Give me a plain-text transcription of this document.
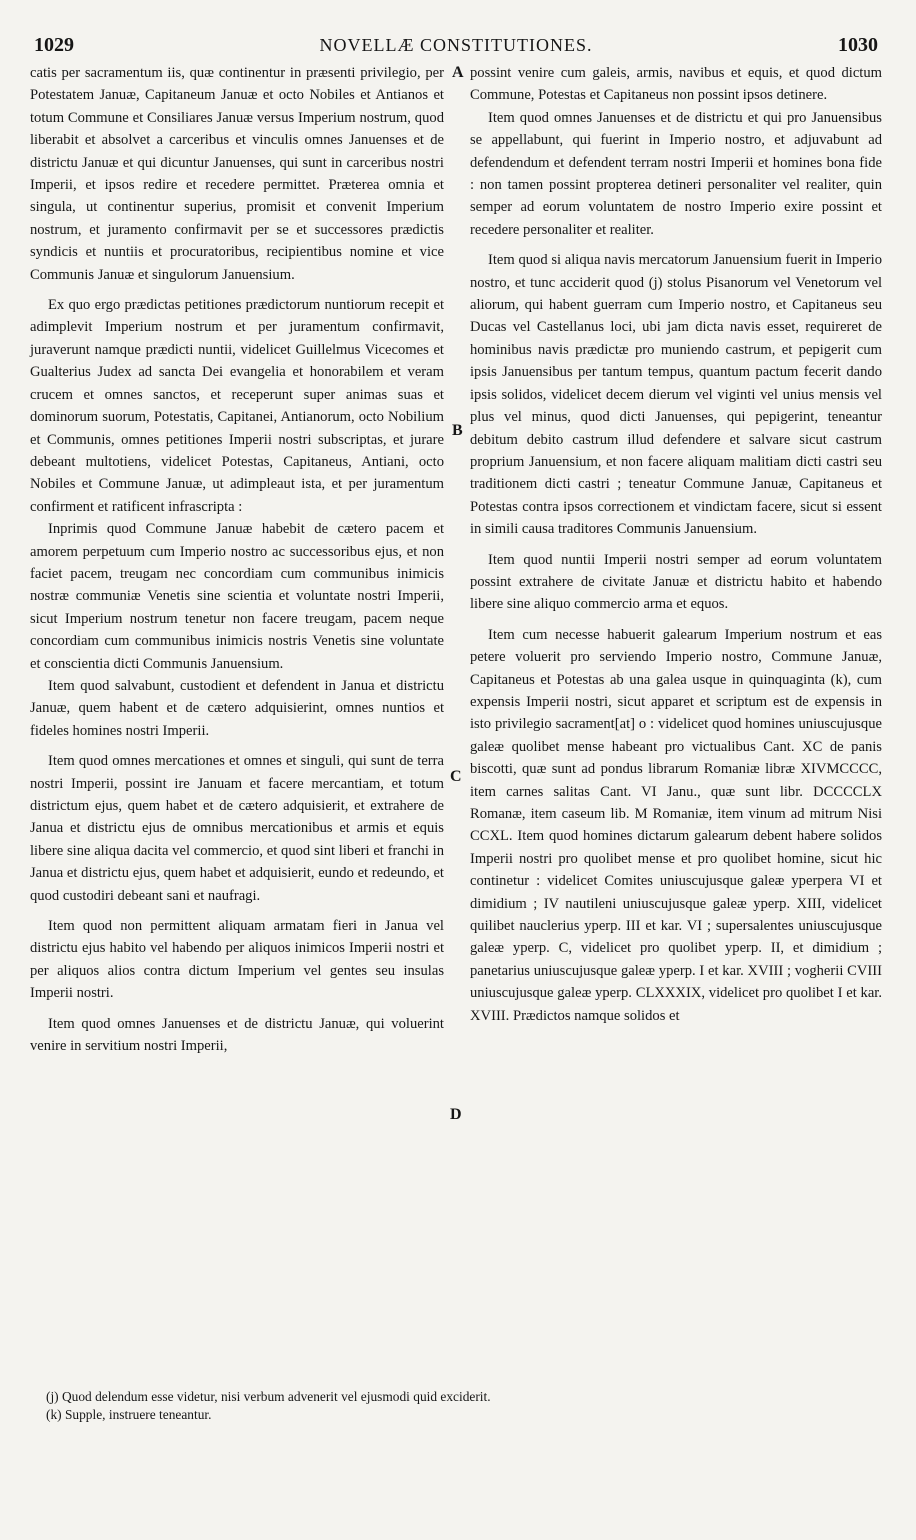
1029	NOVELLÆ CONSTITUTIONES.	1030

catis per sacramentum iis, quæ continentur in præsenti privilegio, per Potestatem Januæ, Capitaneum Januæ et octo Nobiles et Antianos et totum Commune et Consiliares Januæ versus Imperium nostrum, quod liberabit et absolvet a carceribus et vinculis omnes Januenses et de districtu Januæ et qui dicuntur Januenses, qui sunt in carceribus nostri Imperii, et ipsos redire et recedere permittet. Præterea omnia et singula, ut continentur superius, promisit et convenit Imperium nostrum, et juramento confirmavit per se et successores prædictis syndicis et nuntiis et procuratoribus, recipientibus nomine et vice Communis Januæ et singulorum Januensium.

Ex quo ergo prædictas petitiones prædictorum nuntiorum recepit et adimplevit Imperium nostrum et per juramentum confirmavit, juraverunt namque prædicti nuntii, videlicet Guillelmus Vicecomes et Gualterius Judex ad sancta Dei evangelia et honorabilem et veram crucem et omnes sanctos, et receperunt super animas suas et dominorum suorum, Potestatis, Capitanei, Antianorum, octo Nobilium et Communis, omnes petitiones Imperii nostri subscriptas, et jurare debeant multotiens, videlicet Potestas, Capitaneus, Antiani, octo Nobiles et Commune Januæ, ut adimpleaut ista, et per juramentum confirment et ratificent infrascripta :

Inprimis quod Commune Januæ habebit de cætero pacem et amorem perpetuum cum Imperio nostro ac successoribus ejus, et non faciet pacem, treugam nec concordiam cum communibus inimicis nostræ communiæ Venetis sine scientia et voluntate nostri Imperii, sicut Imperium nostrum tenetur non facere treugam, pacem neque concordiam cum communibus inimicis nostris Venetis sine voluntate et conscientia dicti Communis Januensium.

Item quod salvabunt, custodient et defendent in Janua et districtu Januæ, quem habent et de cætero adquisierint, omnes nuntios et fideles homines nostri Imperii.

Item quod omnes mercationes et omnes et singuli, qui sunt de terra nostri Imperii, possint ire Januam et facere mercantiam, et totum districtum ejus, quem habet et de cætero adquisierit, et extrahere de Janua et districtu ejus de omnibus mercationibus et armis et equis libere sine aliqua dacita vel commercio, et quod sint liberi et franchi in Janua et districtu ejus, quem habet et adquisierit, eundo et redeundo, et quod custodiri debeant sani et naufragi.

Item quod non permittent aliquam armatam fieri in Janua vel districtu ejus habito vel habendo per aliquos inimicos Imperii nostri et per aliquos alios contra dictum Imperium vel gentes seu insulas Imperii nostri.

Item quod omnes Januenses et de districtu Januæ, qui voluerint venire in servitium nostri Imperii,

A
B
C
D

possint venire cum galeis, armis, navibus et equis, et quod dictum Commune, Potestas et Capitaneus non possint ipsos detinere.

Item quod omnes Januenses et de districtu et qui pro Januensibus se appellabunt, qui fuerint in Imperio nostro, et adjuvabunt ad defendendum et defendent terram nostri Imperii et homines bona fide : non tamen possint propterea detineri personaliter vel realiter, quin semper ad eorum voluntatem de nostro Imperio exire possint et recedere personaliter et realiter.

Item quod si aliqua navis mercatorum Januensium fuerit in Imperio nostro, et tunc acciderit quod (j) stolus Pisanorum vel Venetorum vel aliorum, qui habent guerram cum Imperio nostro, et Capitaneus seu Ducas vel Castellanus loci, ubi jam dicta navis esset, requireret de hominibus navis prædictæ pro muniendo castrum, et pepigerit cum ipsis Januensibus per tantum tempus, quantum pactum fecerit dando ipsis solidos, videlicet decem dierum vel viginti vel unius mensis vel plus vel minus, quod dicti Januenses, qui pepigerint, teneantur debitum debito castrum illud defendere et salvare sicut castrum proprium Januensium, et non facere aliquam malitiam dicti castri seu traditionem dicti castri ; teneatur Commune Januæ, Capitaneus et Potestas contra ipsos correctionem et vindictam facere, sicut si essent in simili causa traditores Communis Januensium.

Item quod nuntii Imperii nostri semper ad eorum voluntatem possint extrahere de civitate Januæ et districtu habito et habendo libere sine aliquo commercio arma et equos.

Item cum necesse habuerit galearum Imperium nostrum et eas petere voluerit pro serviendo Imperio nostro, Commune Januæ, Capitaneus et Potestas ab una galea usque in quinquaginta (k), cum expensis Imperii nostri, sicut apparet et scriptum est de expensis in isto privilegio sacrament[at] o : videlicet quod homines uniuscujusque galeæ quolibet mense habeant pro victualibus Cant. XC de panis biscotti, quæ sunt ad pondus librarum Romaniæ libræ XIVMCCCC, item carnes salitas Cant. VI Janu., quæ sunt libr. DCCCCLX Romanæ, item caseum lib. M Romaniæ, item vinum ad mitrum Nisi CCXL. Item quod homines dictarum galearum debent habere solidos Imperii nostri pro quolibet mense et pro quolibet homine, sicut hic continetur : videlicet Comites uniuscujusque galeæ yperpera VI et dimidium ; IV nautileni uniuscujusque galeæ yperp. XIII, videlicet quilibet nauclerius yperp. III et kar. VI ; supersalentes uniuscujusque galeæ yperp. C, videlicet pro quolibet yperp. II, et dimidium ; panetarius uniuscujusque galeæ yperp. I et kar. XVIII ; vogherii CVIII uniuscujusque galeæ yperp. CLXXXIX, videlicet pro quolibet I et kar. XVIII. Prædictos namque solidos et

(j) Quod delendum esse videtur, nisi verbum advenerit vel ejusmodi quid exciderit.
(k) Supple, instruere teneantur.
